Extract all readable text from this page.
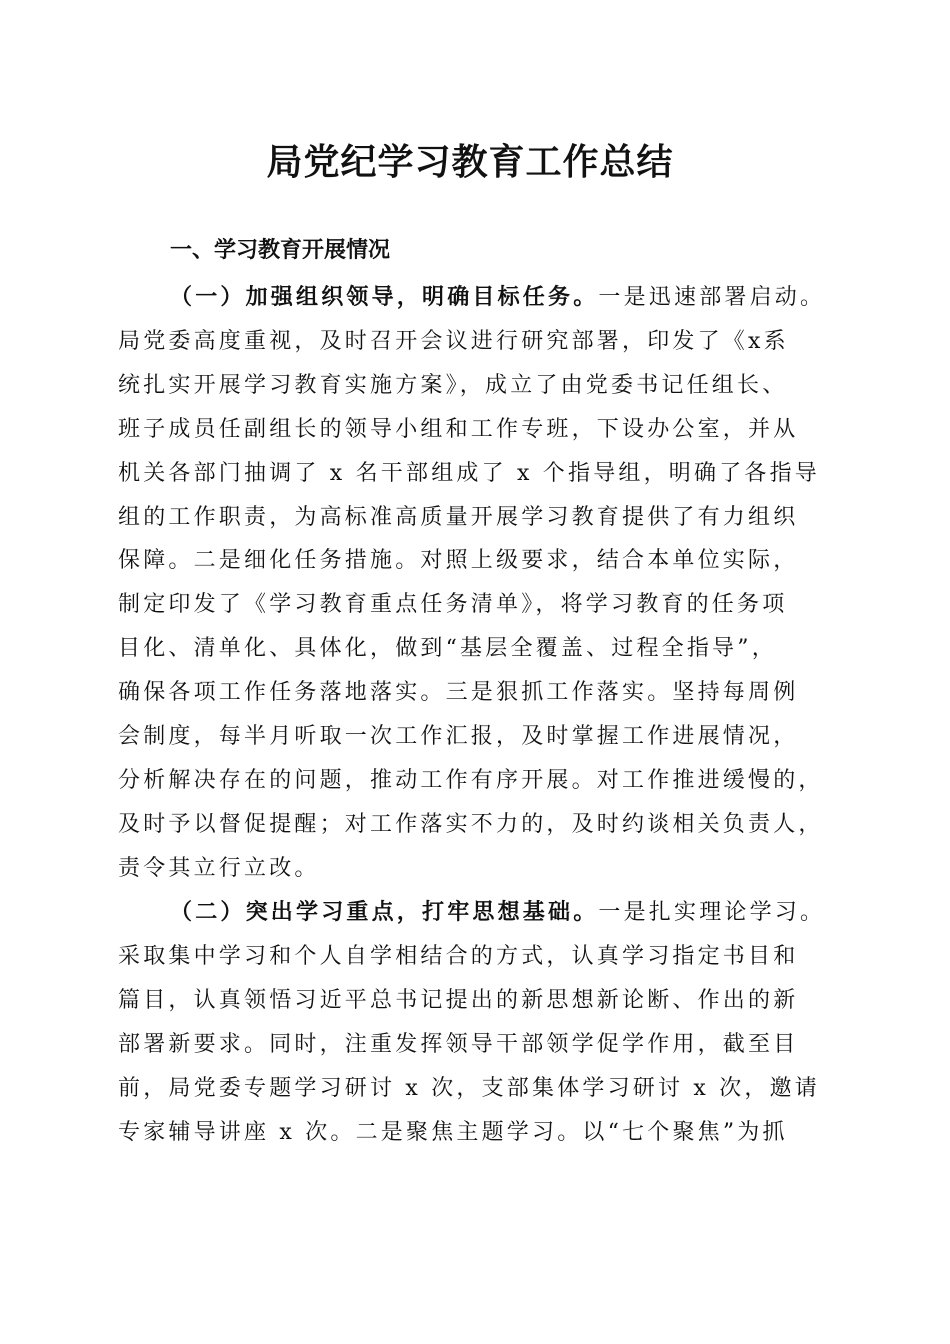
局党纪学习教育工作总结
一、学习教育开展情况
（一）加强组织领导，明确目标任务。一是迅速部署启动。
局党委高度重视，及时召开会议进行研究部署，印发了《x系
统扎实开展学习教育实施方案》，成立了由党委书记任组长、
班子成员任副组长的领导小组和工作专班，下设办公室，并从
机关各部门抽调了 x 名干部组成了 x 个指导组，明确了各指导
组的工作职责，为高标准高质量开展学习教育提供了有力组织
保障。二是细化任务措施。对照上级要求，结合本单位实际，
制定印发了《学习教育重点任务清单》，将学习教育的任务项
目化、清单化、具体化，做到“基层全覆盖、过程全指导”，
确保各项工作任务落地落实。三是狠抓工作落实。坚持每周例
会制度，每半月听取一次工作汇报，及时掌握工作进展情况，
分析解决存在的问题，推动工作有序开展。对工作推进缓慢的，
及时予以督促提醒；对工作落实不力的，及时约谈相关负责人，
责令其立行立改。
（二）突出学习重点，打牢思想基础。一是扎实理论学习。
采取集中学习和个人自学相结合的方式，认真学习指定书目和
篇目，认真领悟习近平总书记提出的新思想新论断、作出的新
部署新要求。同时，注重发挥领导干部领学促学作用，截至目
前，局党委专题学习研讨 x 次，支部集体学习研讨 x 次，邀请
专家辅导讲座 x 次。二是聚焦主题学习。以“七个聚焦”为抓
